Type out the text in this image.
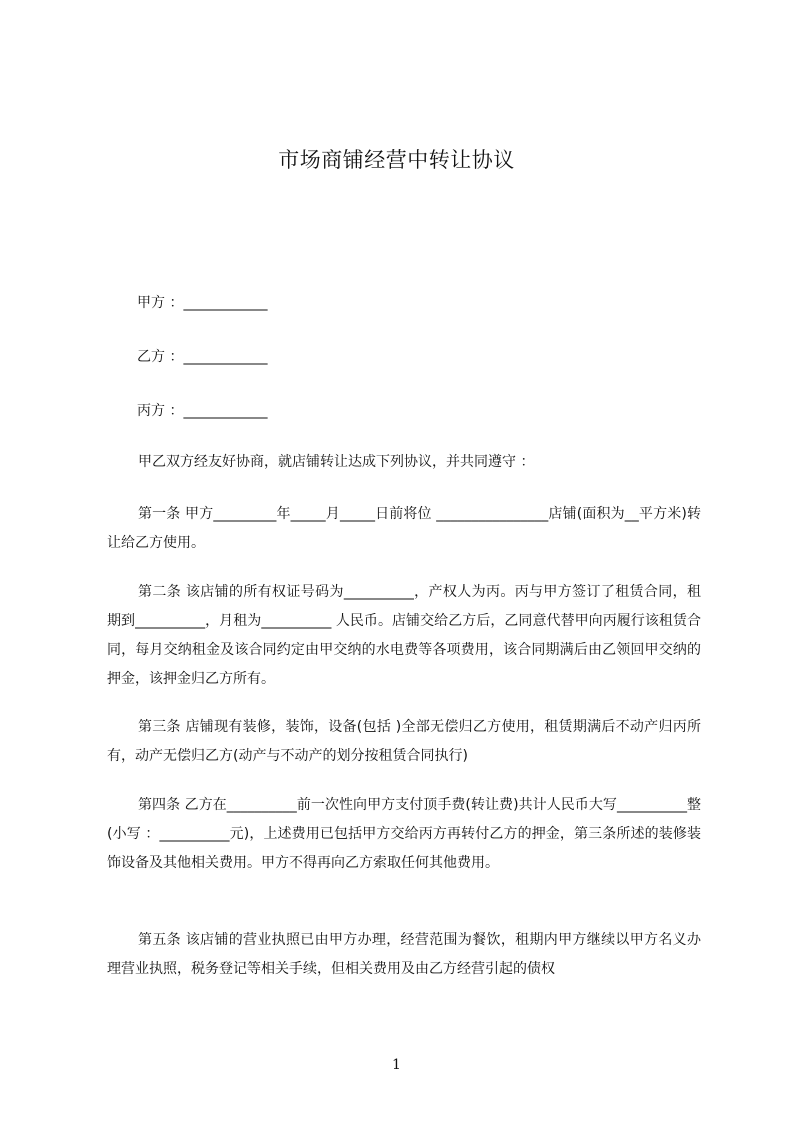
市场商铺经营中转让协议
甲方 ：____________
乙方 ：____________
丙方 ：____________

甲乙双方经友好协商，就店铺转让达成下列协议，并共同遵守 ：

第一条 甲方_________年_____月_____日前将位 ________________店铺(面积为__平方米)转让给乙方使用。

第二条 该店铺的所有权证号码为__________，产权人为丙。丙与甲方签订了租赁合同，租期到__________，月租为__________ 人民币。店铺交给乙方后，乙同意代替甲向丙履行该租赁合同，每月交纳租金及该合同约定由甲交纳的水电费等各项费用，该合同期满后由乙领回甲交纳的押金，该押金归乙方所有。

第三条 店铺现有装修，装饰，设备(包括 )全部无偿归乙方使用，租赁期满后不动产归丙所有，动产无偿归乙方(动产与不动产的划分按租赁合同执行)

第四条 乙方在__________前一次性向甲方支付顶手费(转让费)共计人民币大写__________整(小写 ：__________元)，上述费用已包括甲方交给丙方再转付乙方的押金，第三条所述的装修装饰设备及其他相关费用。甲方不得再向乙方索取任何其他费用。

第五条 该店铺的营业执照已由甲方办理，经营范围为餐饮，租期内甲方继续以甲方名义办理营业执照，税务登记等相关手续，但相关费用及由乙方经营引起的债权

1
